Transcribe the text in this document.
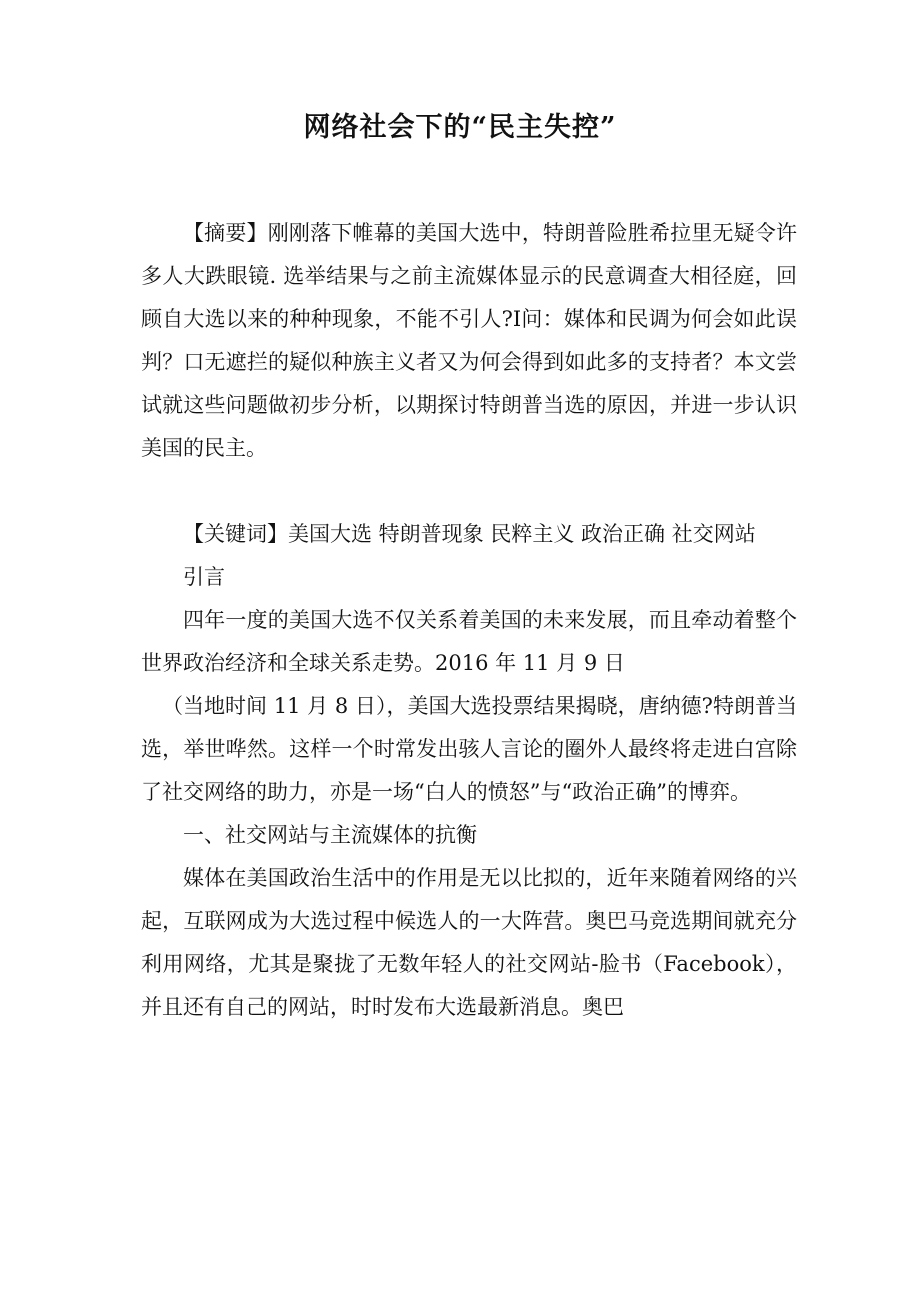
网络社会下的“民主失控”

【摘要】刚刚落下帷幕的美国大选中，特朗普险胜希拉里无疑令许多人大跌眼镜. 选举结果与之前主流媒体显示的民意调查大相径庭，回顾自大选以来的种种现象，不能不引人?I问：媒体和民调为何会如此误判？口无遮拦的疑似种族主义者又为何会得到如此多的支持者？本文尝试就这些问题做初步分析，以期探讨特朗普当选的原因，并进一步认识美国的民主。

【关键词】美国大选 特朗普现象 民粹主义 政治正确 社交网站

引言

四年一度的美国大选不仅关系着美国的未来发展，而且牵动着整个世界政治经济和全球关系走势。2016 年 11 月 9 日

（当地时间 11 月 8 日），美国大选投票结果揭晓，唐纳德?特朗普当选，举世哗然。这样一个时常发出骇人言论的圈外人最终将走进白宫除了社交网络的助力，亦是一场“白人的愤怒”与“政治正确”的博弈。

一、社交网站与主流媒体的抗衡

媒体在美国政治生活中的作用是无以比拟的，近年来随着网络的兴起，互联网成为大选过程中候选人的一大阵营。奥巴马竞选期间就充分利用网络，尤其是聚拢了无数年轻人的社交网站-脸书（Facebook），并且还有自己的网站，时时发布大选最新消息。奥巴
